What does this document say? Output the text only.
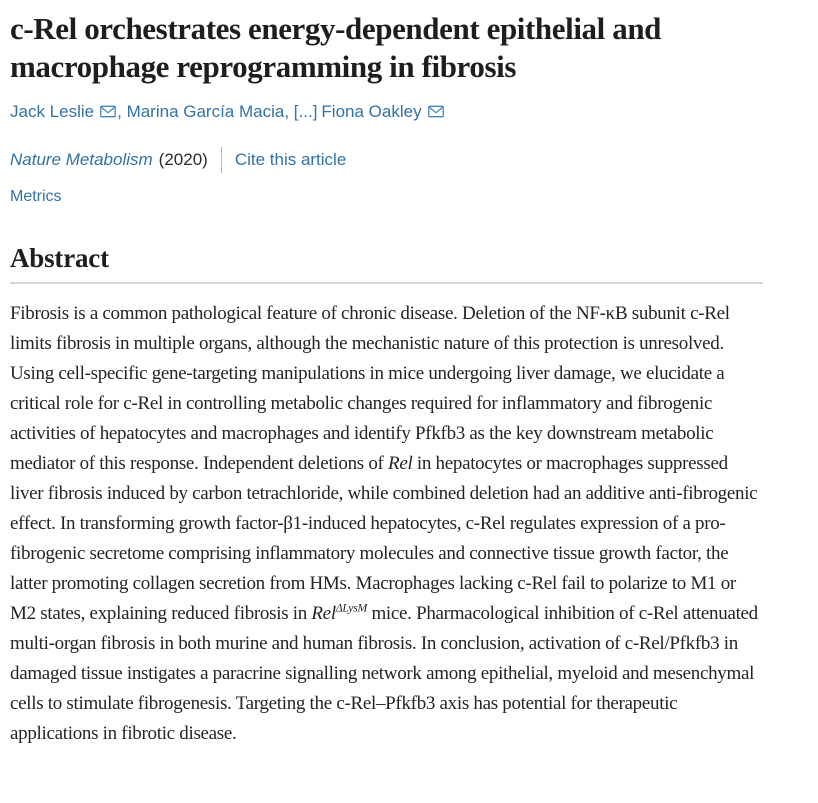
c-Rel orchestrates energy-dependent epithelial and macrophage reprogramming in fibrosis
Jack Leslie , Marina García Macia, [...] Fiona Oakley
Nature Metabolism (2020) Cite this article
Metrics
Abstract

Fibrosis is a common pathological feature of chronic disease. Deletion of the NF-κB subunit c-Rel limits fibrosis in multiple organs, although the mechanistic nature of this protection is unresolved. Using cell-specific gene-targeting manipulations in mice undergoing liver damage, we elucidate a critical role for c-Rel in controlling metabolic changes required for inflammatory and fibrogenic activities of hepatocytes and macrophages and identify Pfkfb3 as the key downstream metabolic mediator of this response. Independent deletions of Rel in hepatocytes or macrophages suppressed liver fibrosis induced by carbon tetrachloride, while combined deletion had an additive anti-fibrogenic effect. In transforming growth factor-β1-induced hepatocytes, c-Rel regulates expression of a pro-fibrogenic secretome comprising inflammatory molecules and connective tissue growth factor, the latter promoting collagen secretion from HMs. Macrophages lacking c-Rel fail to polarize to M1 or M2 states, explaining reduced fibrosis in Rel$^{\Delta LysM}$ mice. Pharmacological inhibition of c-Rel attenuated multi-organ fibrosis in both murine and human fibrosis. In conclusion, activation of c-Rel/Pfkfb3 in damaged tissue instigates a paracrine signalling network among epithelial, myeloid and mesenchymal cells to stimulate fibrogenesis. Targeting the c-Rel–Pfkfb3 axis has potential for therapeutic applications in fibrotic disease.
